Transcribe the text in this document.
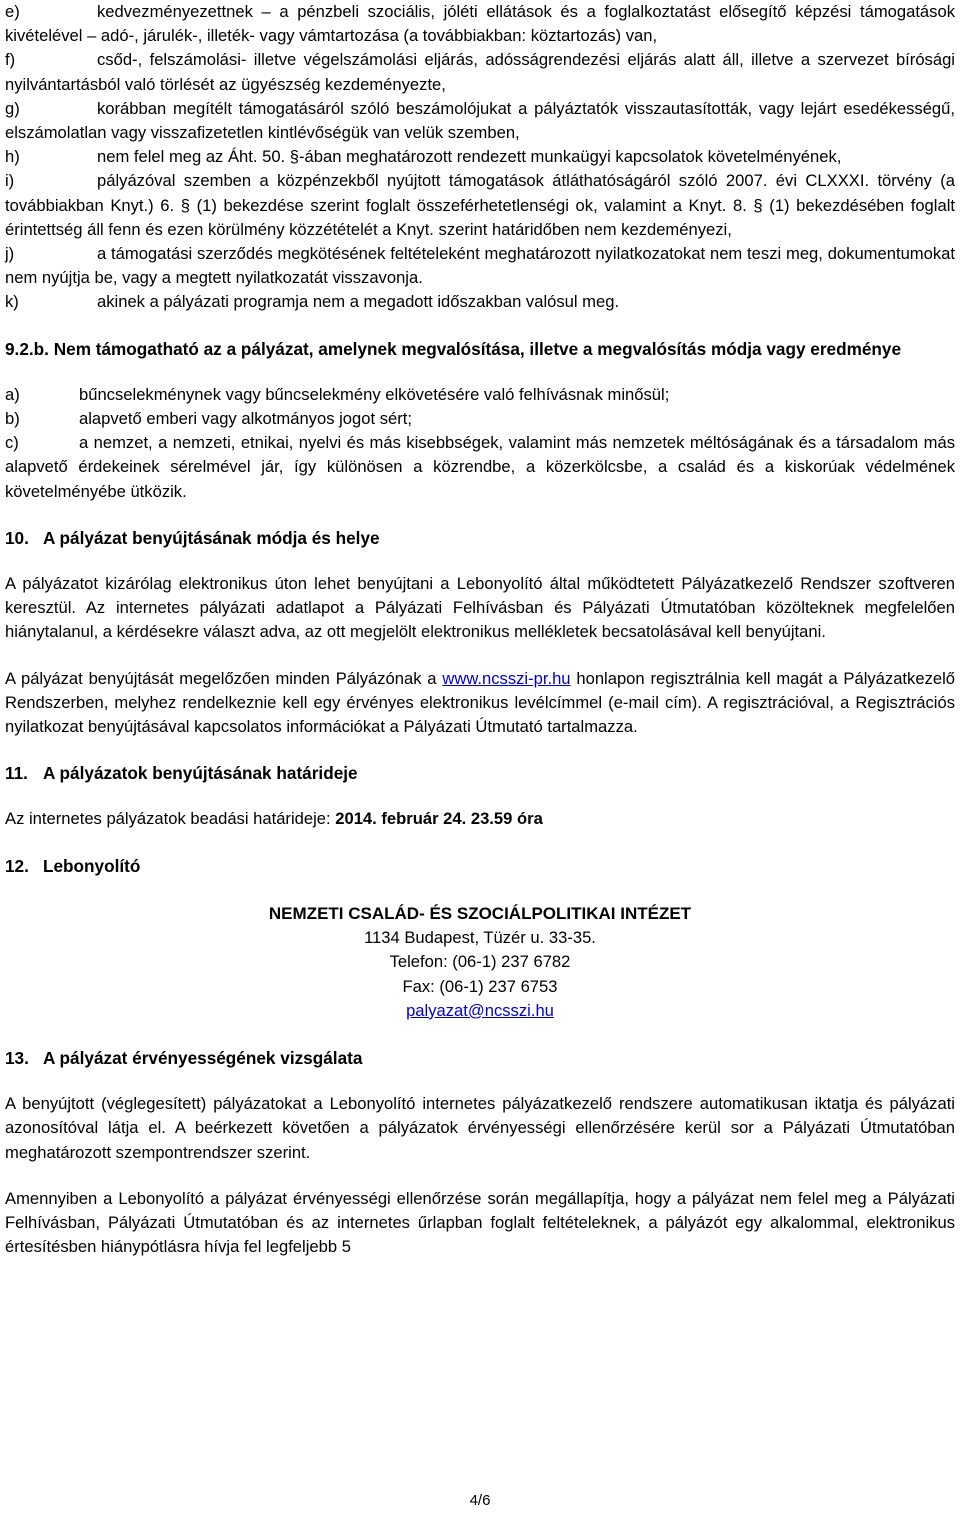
e)	kedvezményezettnek – a pénzbeli szociális, jóléti ellátások és a foglalkoztatást elősegítő képzési támogatások kivételével – adó-, járulék-, illeték- vagy vámtartozása (a továbbiakban: köztartozás) van,

f)	csőd-, felszámolási- illetve végelszámolási eljárás, adósságrendezési eljárás alatt áll, illetve a szervezet bírósági nyilvántartásból való törlését az ügyészség kezdeményezte,

g)	korábban megítélt támogatásáról szóló beszámolójukat a pályáztatók visszautasították, vagy lejárt esedékességű, elszámolatlan vagy visszafizetetlen kintlévőségük van velük szemben,

h)	nem felel meg az Áht. 50. §-ában meghatározott rendezett munkaügyi kapcsolatok követelményének,

i)	pályázóval szemben a közpénzekből nyújtott támogatások átláthatóságáról szóló 2007. évi CLXXXI. törvény (a továbbiakban Knyt.) 6. § (1) bekezdése szerint foglalt összeférhetetlenségi ok, valamint a Knyt. 8. § (1) bekezdésében foglalt érintettség áll fenn és ezen körülmény közzétételét a Knyt. szerint határidőben nem kezdeményezi,

j)	a támogatási szerződés megkötésének feltételeként meghatározott nyilatkozatokat nem teszi meg, dokumentumokat nem nyújtja be, vagy a megtett nyilatkozatát visszavonja.

k)	akinek a pályázati programja nem a megadott időszakban valósul meg.

9.2.b. Nem támogatható az a pályázat, amelynek megvalósítása, illetve a megvalósítás módja vagy eredménye

a)	bűncselekménynek vagy bűncselekmény elkövetésére való felhívásnak minősül;

b)	alapvető emberi vagy alkotmányos jogot sért;

c)	a nemzet, a nemzeti, etnikai, nyelvi és más kisebbségek, valamint más nemzetek méltóságának és a társadalom más alapvető érdekeinek sérelmével jár, így különösen a közrendbe, a közerkölcsbe, a család és a kiskorúak védelmének követelményébe ütközik.

10. A pályázat benyújtásának módja és helye

A pályázatot kizárólag elektronikus úton lehet benyújtani a Lebonyolító által működtetett Pályázatkezelő Rendszer szoftveren keresztül. Az internetes pályázati adatlapot a Pályázati Felhívásban és Pályázati Útmutatóban közölteknek megfelelően hiánytalanul, a kérdésekre választ adva, az ott megjelölt elektronikus mellékletek becsatolásával kell benyújtani.

A pályázat benyújtását megelőzően minden Pályázónak a www.ncsszi-pr.hu honlapon regisztrálnia kell magát a Pályázatkezelő Rendszerben, melyhez rendelkeznie kell egy érvényes elektronikus levélcímmel (e-mail cím). A regisztrációval, a Regisztrációs nyilatkozat benyújtásával kapcsolatos információkat a Pályázati Útmutató tartalmazza.

11. A pályázatok benyújtásának határideje

Az internetes pályázatok beadási határideje: 2014. február 24. 23.59 óra

12. Lebonyolító

NEMZETI CSALÁD- ÉS SZOCIÁLPOLITIKAI INTÉZET
1134 Budapest, Tüzér u. 33-35.
Telefon: (06-1) 237 6782
Fax: (06-1) 237 6753
palyazat@ncsszi.hu

13. A pályázat érvényességének vizsgálata

A benyújtott (véglegesített) pályázatokat a Lebonyolító internetes pályázatkezelő rendszere automatikusan iktatja és pályázati azonosítóval látja el. A beérkezett követően a pályázatok érvényességi ellenőrzésére kerül sor a Pályázati Útmutatóban meghatározott szempontrendszer szerint.

Amennyiben a Lebonyolító a pályázat érvényességi ellenőrzése során megállapítja, hogy a pályázat nem felel meg a Pályázati Felhívásban, Pályázati Útmutatóban és az internetes űrlapban foglalt feltételeknek, a pályázót egy alkalommal, elektronikus értesítésben hiánypótlásra hívja fel legfeljebb 5

4/6
